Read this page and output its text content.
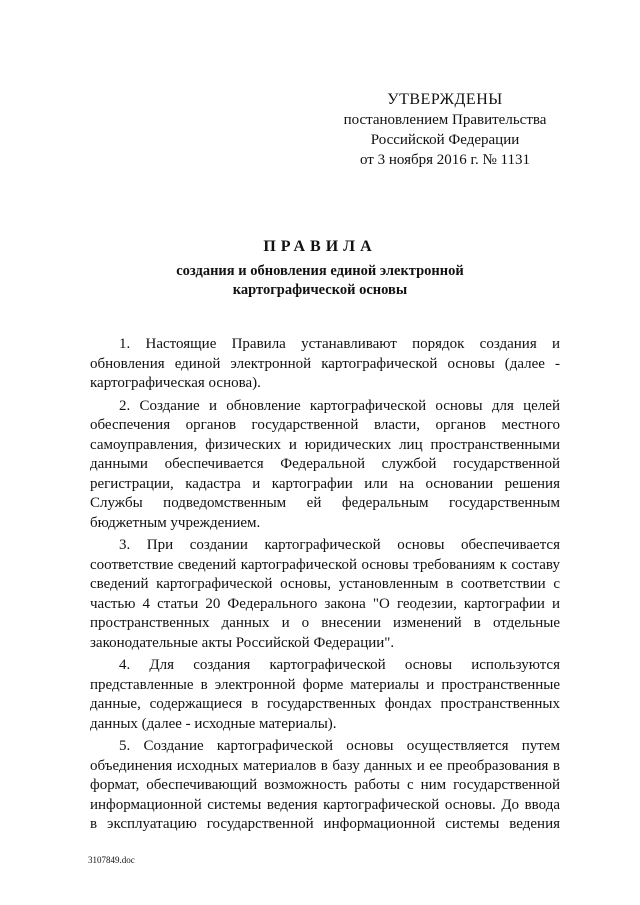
УТВЕРЖДЕНЫ
постановлением Правительства
Российской Федерации
от 3 ноября 2016 г. № 1131
ПРАВИЛА
создания и обновления единой электронной
картографической основы

1. Настоящие Правила устанавливают порядок создания и обновления единой электронной картографической основы (далее - картографическая основа).

2. Создание и обновление картографической основы для целей обеспечения органов государственной власти, органов местного самоуправления, физических и юридических лиц пространственными данными обеспечивается Федеральной службой государственной регистрации, кадастра и картографии или на основании решения Службы подведомственным ей федеральным государственным бюджетным учреждением.

3. При создании картографической основы обеспечивается соответствие сведений картографической основы требованиям к составу сведений картографической основы, установленным в соответствии с частью 4 статьи 20 Федерального закона "О геодезии, картографии и пространственных данных и о внесении изменений в отдельные законодательные акты Российской Федерации".

4. Для создания картографической основы используются представленные в электронной форме материалы и пространственные данные, содержащиеся в государственных фондах пространственных данных (далее - исходные материалы).

5. Создание картографической основы осуществляется путем объединения исходных материалов в базу данных и ее преобразования в формат, обеспечивающий возможность работы с ним государственной информационной системы ведения картографической основы. До ввода в эксплуатацию государственной информационной системы ведения

3107849.doc
